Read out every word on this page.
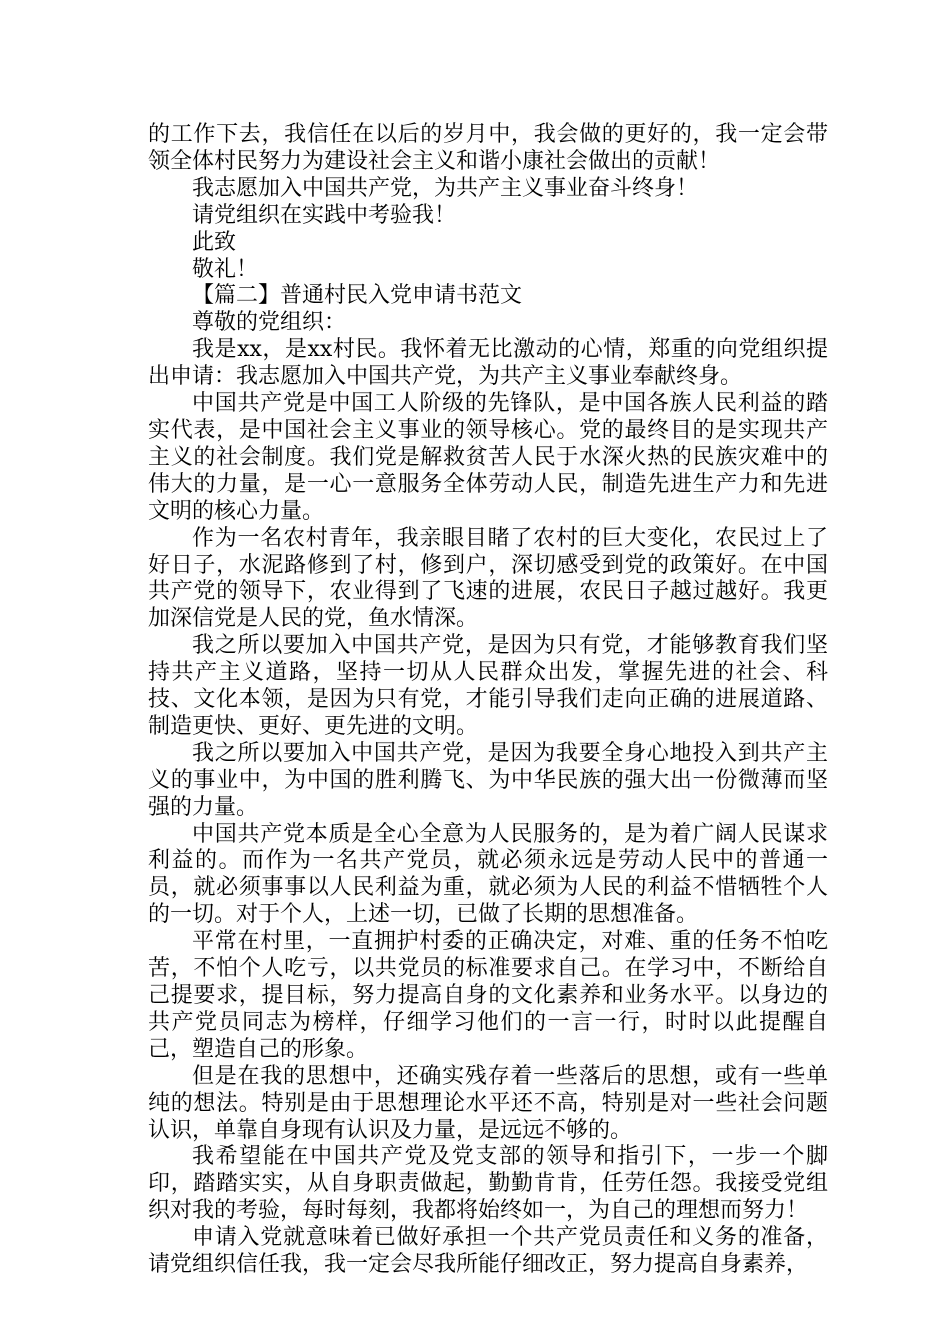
的工作下去，我信任在以后的岁月中，我会做的更好的，我一定会带领全体村民努力为建设社会主义和谐小康社会做出的贡献！

我志愿加入中国共产党，为共产主义事业奋斗终身！

请党组织在实践中考验我！

此致

敬礼！

【篇二】普通村民入党申请书范文

尊敬的党组织：

我是xx，是xx村民。我怀着无比激动的心情，郑重的向党组织提出申请：我志愿加入中国共产党，为共产主义事业奉献终身。

中国共产党是中国工人阶级的先锋队，是中国各族人民利益的踏实代表，是中国社会主义事业的领导核心。党的最终目的是实现共产主义的社会制度。我们党是解救贫苦人民于水深火热的民族灾难中的伟大的力量，是一心一意服务全体劳动人民，制造先进生产力和先进文明的核心力量。

作为一名农村青年，我亲眼目睹了农村的巨大变化，农民过上了好日子，水泥路修到了村，修到户，深切感受到党的政策好。在中国共产党的领导下，农业得到了飞速的进展，农民日子越过越好。我更加深信党是人民的党，鱼水情深。

我之所以要加入中国共产党，是因为只有党，才能够教育我们坚持共产主义道路，坚持一切从人民群众出发，掌握先进的社会、科技、文化本领，是因为只有党，才能引导我们走向正确的进展道路、制造更快、更好、更先进的文明。

我之所以要加入中国共产党，是因为我要全身心地投入到共产主义的事业中，为中国的胜利腾飞、为中华民族的强大出一份微薄而坚强的力量。

中国共产党本质是全心全意为人民服务的，是为着广阔人民谋求利益的。而作为一名共产党员，就必须永远是劳动人民中的普通一员，就必须事事以人民利益为重，就必须为人民的利益不惜牺牲个人的一切。对于个人，上述一切，已做了长期的思想准备。

平常在村里，一直拥护村委的正确决定，对难、重的任务不怕吃苦，不怕个人吃亏，以共党员的标准要求自己。在学习中，不断给自己提要求，提目标，努力提高自身的文化素养和业务水平。以身边的共产党员同志为榜样，仔细学习他们的一言一行，时时以此提醒自己，塑造自己的形象。

但是在我的思想中，还确实残存着一些落后的思想，或有一些单纯的想法。特别是由于思想理论水平还不高，特别是对一些社会问题认识，单靠自身现有认识及力量，是远远不够的。

我希望能在中国共产党及党支部的领导和指引下，一步一个脚印，踏踏实实，从自身职责做起，勤勤肯肯，任劳任怨。我接受党组织对我的考验，每时每刻，我都将始终如一，为自己的理想而努力！

申请入党就意味着已做好承担一个共产党员责任和义务的准备，请党组织信任我，我一定会尽我所能仔细改正，努力提高自身素养，
